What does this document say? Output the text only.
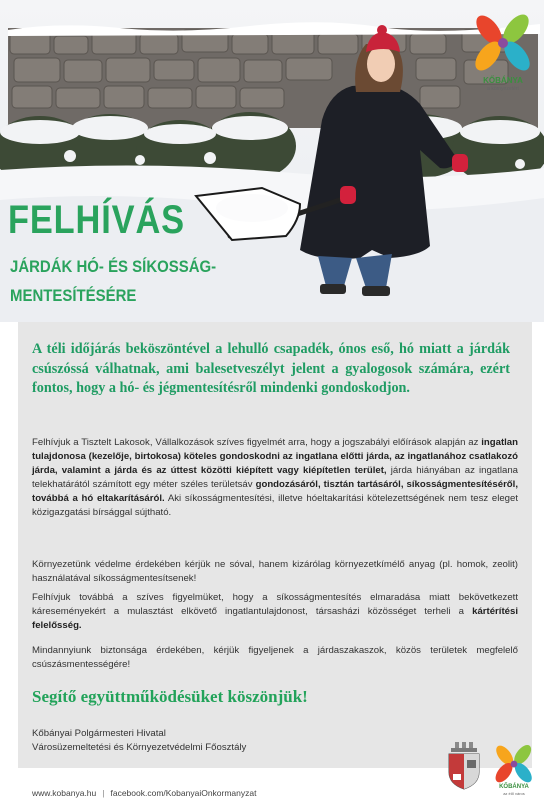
FELHÍVÁS
JÁRDÁK HÓ- ÉS SÍKOSSÁG-
MENTESÍTÉSÉRE
KŐBÁNYA
a környezetért

A téli időjárás beköszöntével a lehulló csapadék, ónos eső, hó miatt a járdák csúszóssá válhatnak, ami balesetveszélyt jelent a gyalogosok számára, ezért fontos, hogy a hó- és jégmentesítésről mindenki gondoskodjon.

Felhívjuk a Tisztelt Lakosok, Vállalkozások szíves figyelmét arra, hogy a jogszabályi előírások alapján az ingatlan tulajdonosa (kezelője, birtokosa) köteles gondoskodni az ingatlana előtti járda, az ingatlanához csatlakozó járda, valamint a járda és az úttest közötti kiépített vagy kiépítetlen terület, járda hiányában az ingatlana telekhatárától számított egy méter széles területsáv gondozásáról, tisztán tartásáról, síkosságmentesítéséről, továbbá a hó eltakarításáról. Aki síkosságmentesítési, illetve hóeltakarítási kötelezettségének nem tesz eleget közigazgatási bírsággal sújtható.

Környezetünk védelme érdekében kérjük ne sóval, hanem kizárólag környezetkímélő anyag (pl. homok, zeolit) használatával síkosságmentesítsenek!

Felhívjuk továbbá a szíves figyelmüket, hogy a síkosságmentesítés elmaradása miatt bekövetkezett káreseményekért a mulasztást elkövető ingatlantulajdonost, társasházi közösséget terheli a kártérítési felelősség.

Mindannyiunk biztonsága érdekében, kérjük figyeljenek a járdaszakaszok, közös területek megfelelő csúszásmentességére!

Segítő együttműködésüket köszönjük!

Kőbányai Polgármesteri Hivatal
Városüzemeltetési és Környezetvédelmi Főosztály

www.kobanya.hu | facebook.com/KobanyaiOnkormanyzat
KŐBÁNYA
az élő város
